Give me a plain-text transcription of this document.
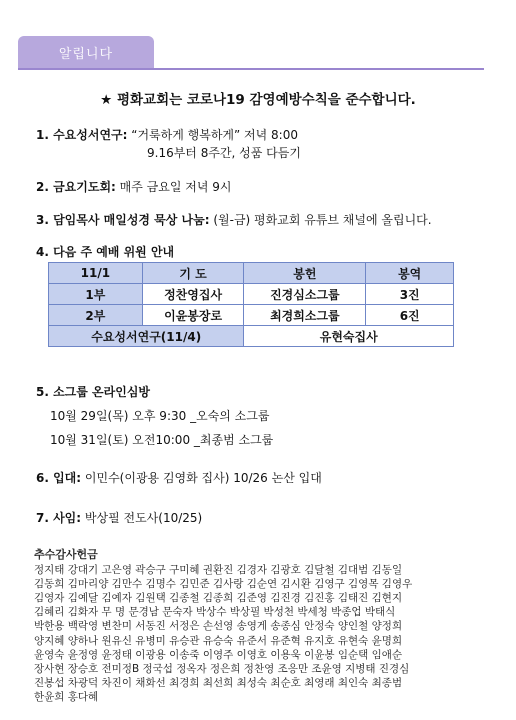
알립니다
★ 평화교회는 코로나19 감영예방수칙을 준수합니다.
1. 수요성서연구: “거룩하게 행복하게” 저녁 8:00
9.16부터 8주간, 성품 다듬기
2. 금요기도회: 매주 금요일 저녁 9시
3. 담임목사 매일성경 묵상 나눔: (월-금) 평화교회 유튜브 채널에 올립니다.
4. 다음 주 예배 위원 안내
11/1	기 도	봉헌	봉역
1부	정찬영집사	진경심소그룹	3진
2부	이윤봉장로	최경희소그룹	6진
수요성서연구(11/4)		유현숙집사	
5. 소그룹 온라인심방
10월 29일(목) 오후 9:30 _오숙의 소그룹
10월 31일(토) 오전10:00 _최종범 소그룹
6. 입대: 이민수(이광용 김영화 집사) 10/26 논산 입대
7. 사임: 박상필 전도사(10/25)
추수감사헌금
정지태 강대기 고은영 곽승구 구미혜 권환진 김경자 김광호 김달철 김대범 김동일
김동희 김마리양 김만수 김명수 김민준 김사랑 김순연 김시환 김영구 김영목 김영우
김영자 김예달 김예자 김원택 김종철 김종희 김준영 김진경 김진홍 김태진 김현지
김혜리 김화자 무 명 문경남 문숙자 박상수 박상필 박성천 박세청 박종업 박태식
박한용 백락영 변찬미 서동진 서정은 손선영 송영게 송종심 안정숙 양인철 양정희
양지혜 양하나 원유신 유병미 유승관 유승숙 유준서 유준혁 유지호 유현숙 윤명희
윤영숙 윤정영 윤정태 이광용 이송죽 이영주 이영호 이용욱 이윤봉 임순택 임애순
장사현 장승호 전미정B 정국섭 정옥자 정은희 정찬영 조응만 조윤영 지병태 진경심
진봉섭 차광덕 차진이 채화선 최경희 최선희 최성숙 최순호 최영래 최인숙 최종범
한윤희 홍다혜
